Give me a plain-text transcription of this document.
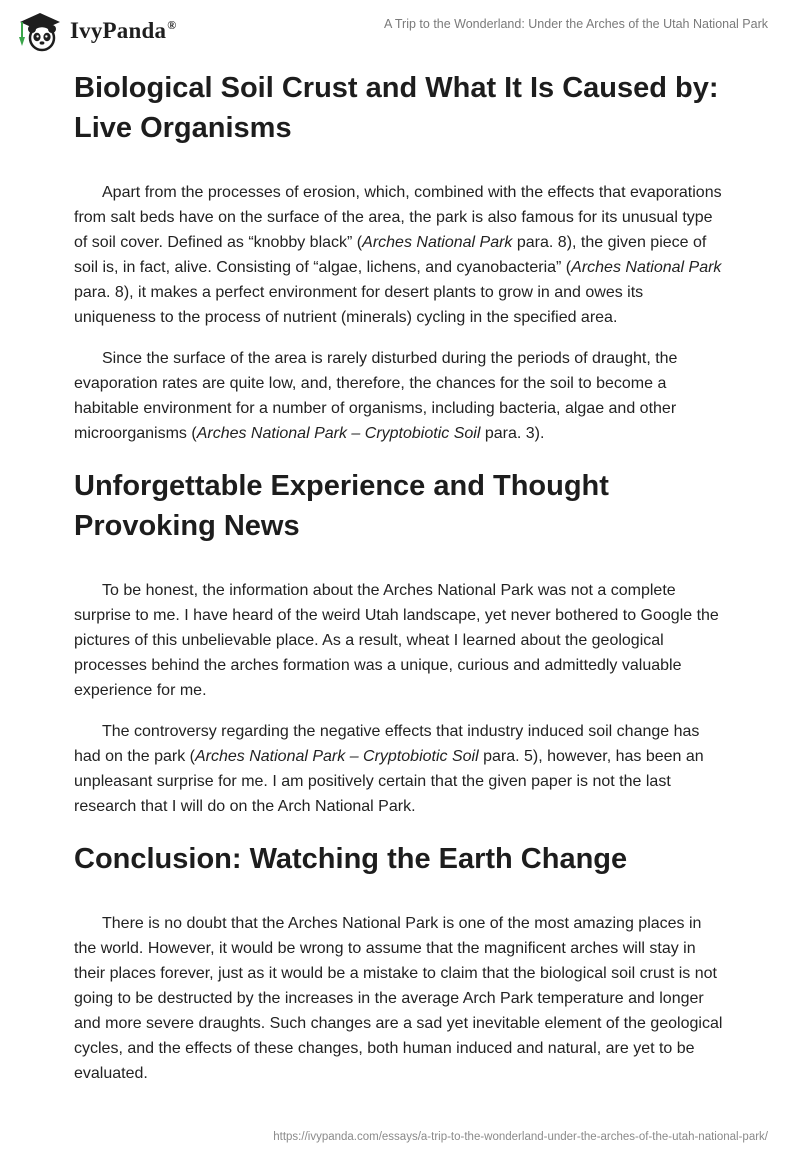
IvyPanda®	A Trip to the Wonderland: Under the Arches of the Utah National Park
Biological Soil Crust and What It Is Caused by: Live Organisms

Apart from the processes of erosion, which, combined with the effects that evaporations from salt beds have on the surface of the area, the park is also famous for its unusual type of soil cover. Defined as “knobby black” (Arches National Park para. 8), the given piece of soil is, in fact, alive. Consisting of “algae, lichens, and cyanobacteria” (Arches National Park para. 8), it makes a perfect environment for desert plants to grow in and owes its uniqueness to the process of nutrient (minerals) cycling in the specified area.

Since the surface of the area is rarely disturbed during the periods of draught, the evaporation rates are quite low, and, therefore, the chances for the soil to become a habitable environment for a number of organisms, including bacteria, algae and other microorganisms (Arches National Park – Cryptobiotic Soil para. 3).

Unforgettable Experience and Thought Provoking News

To be honest, the information about the Arches National Park was not a complete surprise to me. I have heard of the weird Utah landscape, yet never bothered to Google the pictures of this unbelievable place. As a result, wheat I learned about the geological processes behind the arches formation was a unique, curious and admittedly valuable experience for me.

The controversy regarding the negative effects that industry induced soil change has had on the park (Arches National Park – Cryptobiotic Soil para. 5), however, has been an unpleasant surprise for me. I am positively certain that the given paper is not the last research that I will do on the Arch National Park.

Conclusion: Watching the Earth Change

There is no doubt that the Arches National Park is one of the most amazing places in the world. However, it would be wrong to assume that the magnificent arches will stay in their places forever, just as it would be a mistake to claim that the biological soil crust is not going to be destructed by the increases in the average Arch Park temperature and longer and more severe draughts. Such changes are a sad yet inevitable element of the geological cycles, and the effects of these changes, both human induced and natural, are yet to be evaluated.

https://ivypanda.com/essays/a-trip-to-the-wonderland-under-the-arches-of-the-utah-national-park/
